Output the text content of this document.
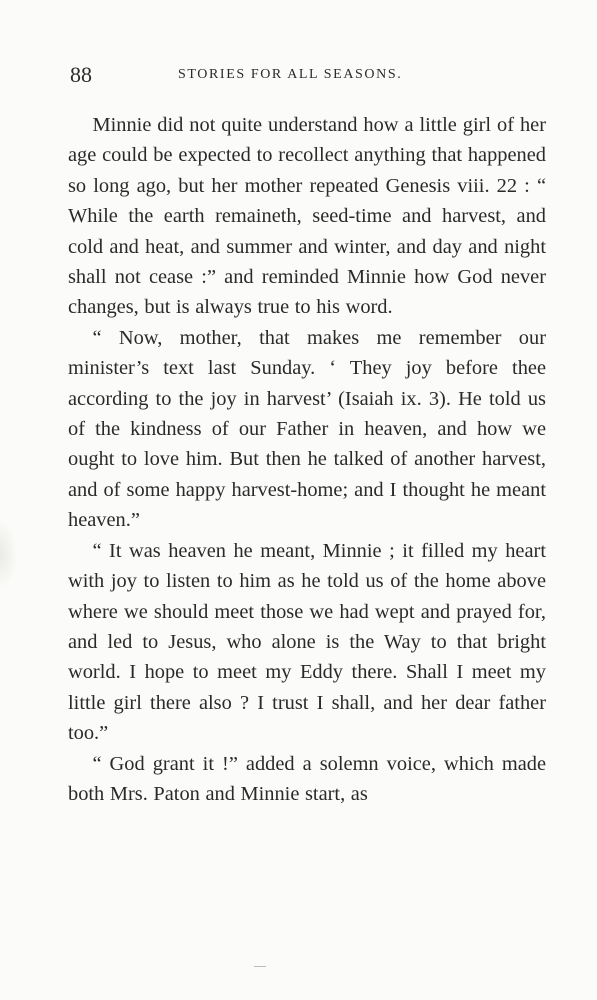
88	STORIES FOR ALL SEASONS.

Minnie did not quite understand how a little girl of her age could be expected to recollect anything that happened so long ago, but her mother repeated Genesis viii. 22 : “ While the earth remaineth, seed-time and harvest, and cold and heat, and summer and winter, and day and night shall not cease :” and reminded Minnie how God never changes, but is always true to his word.

“ Now, mother, that makes me remember our minister’s text last Sunday. ‘ They joy before thee according to the joy in harvest’ (Isaiah ix. 3). He told us of the kindness of our Father in heaven, and how we ought to love him. But then he talked of another harvest, and of some happy harvest-home; and I thought he meant heaven.”

“ It was heaven he meant, Minnie ; it filled my heart with joy to listen to him as he told us of the home above where we should meet those we had wept and prayed for, and led to Jesus, who alone is the Way to that bright world. I hope to meet my Eddy there. Shall I meet my little girl there also ? I trust I shall, and her dear father too.”

“ God grant it !” added a solemn voice, which made both Mrs. Paton and Minnie start, as
